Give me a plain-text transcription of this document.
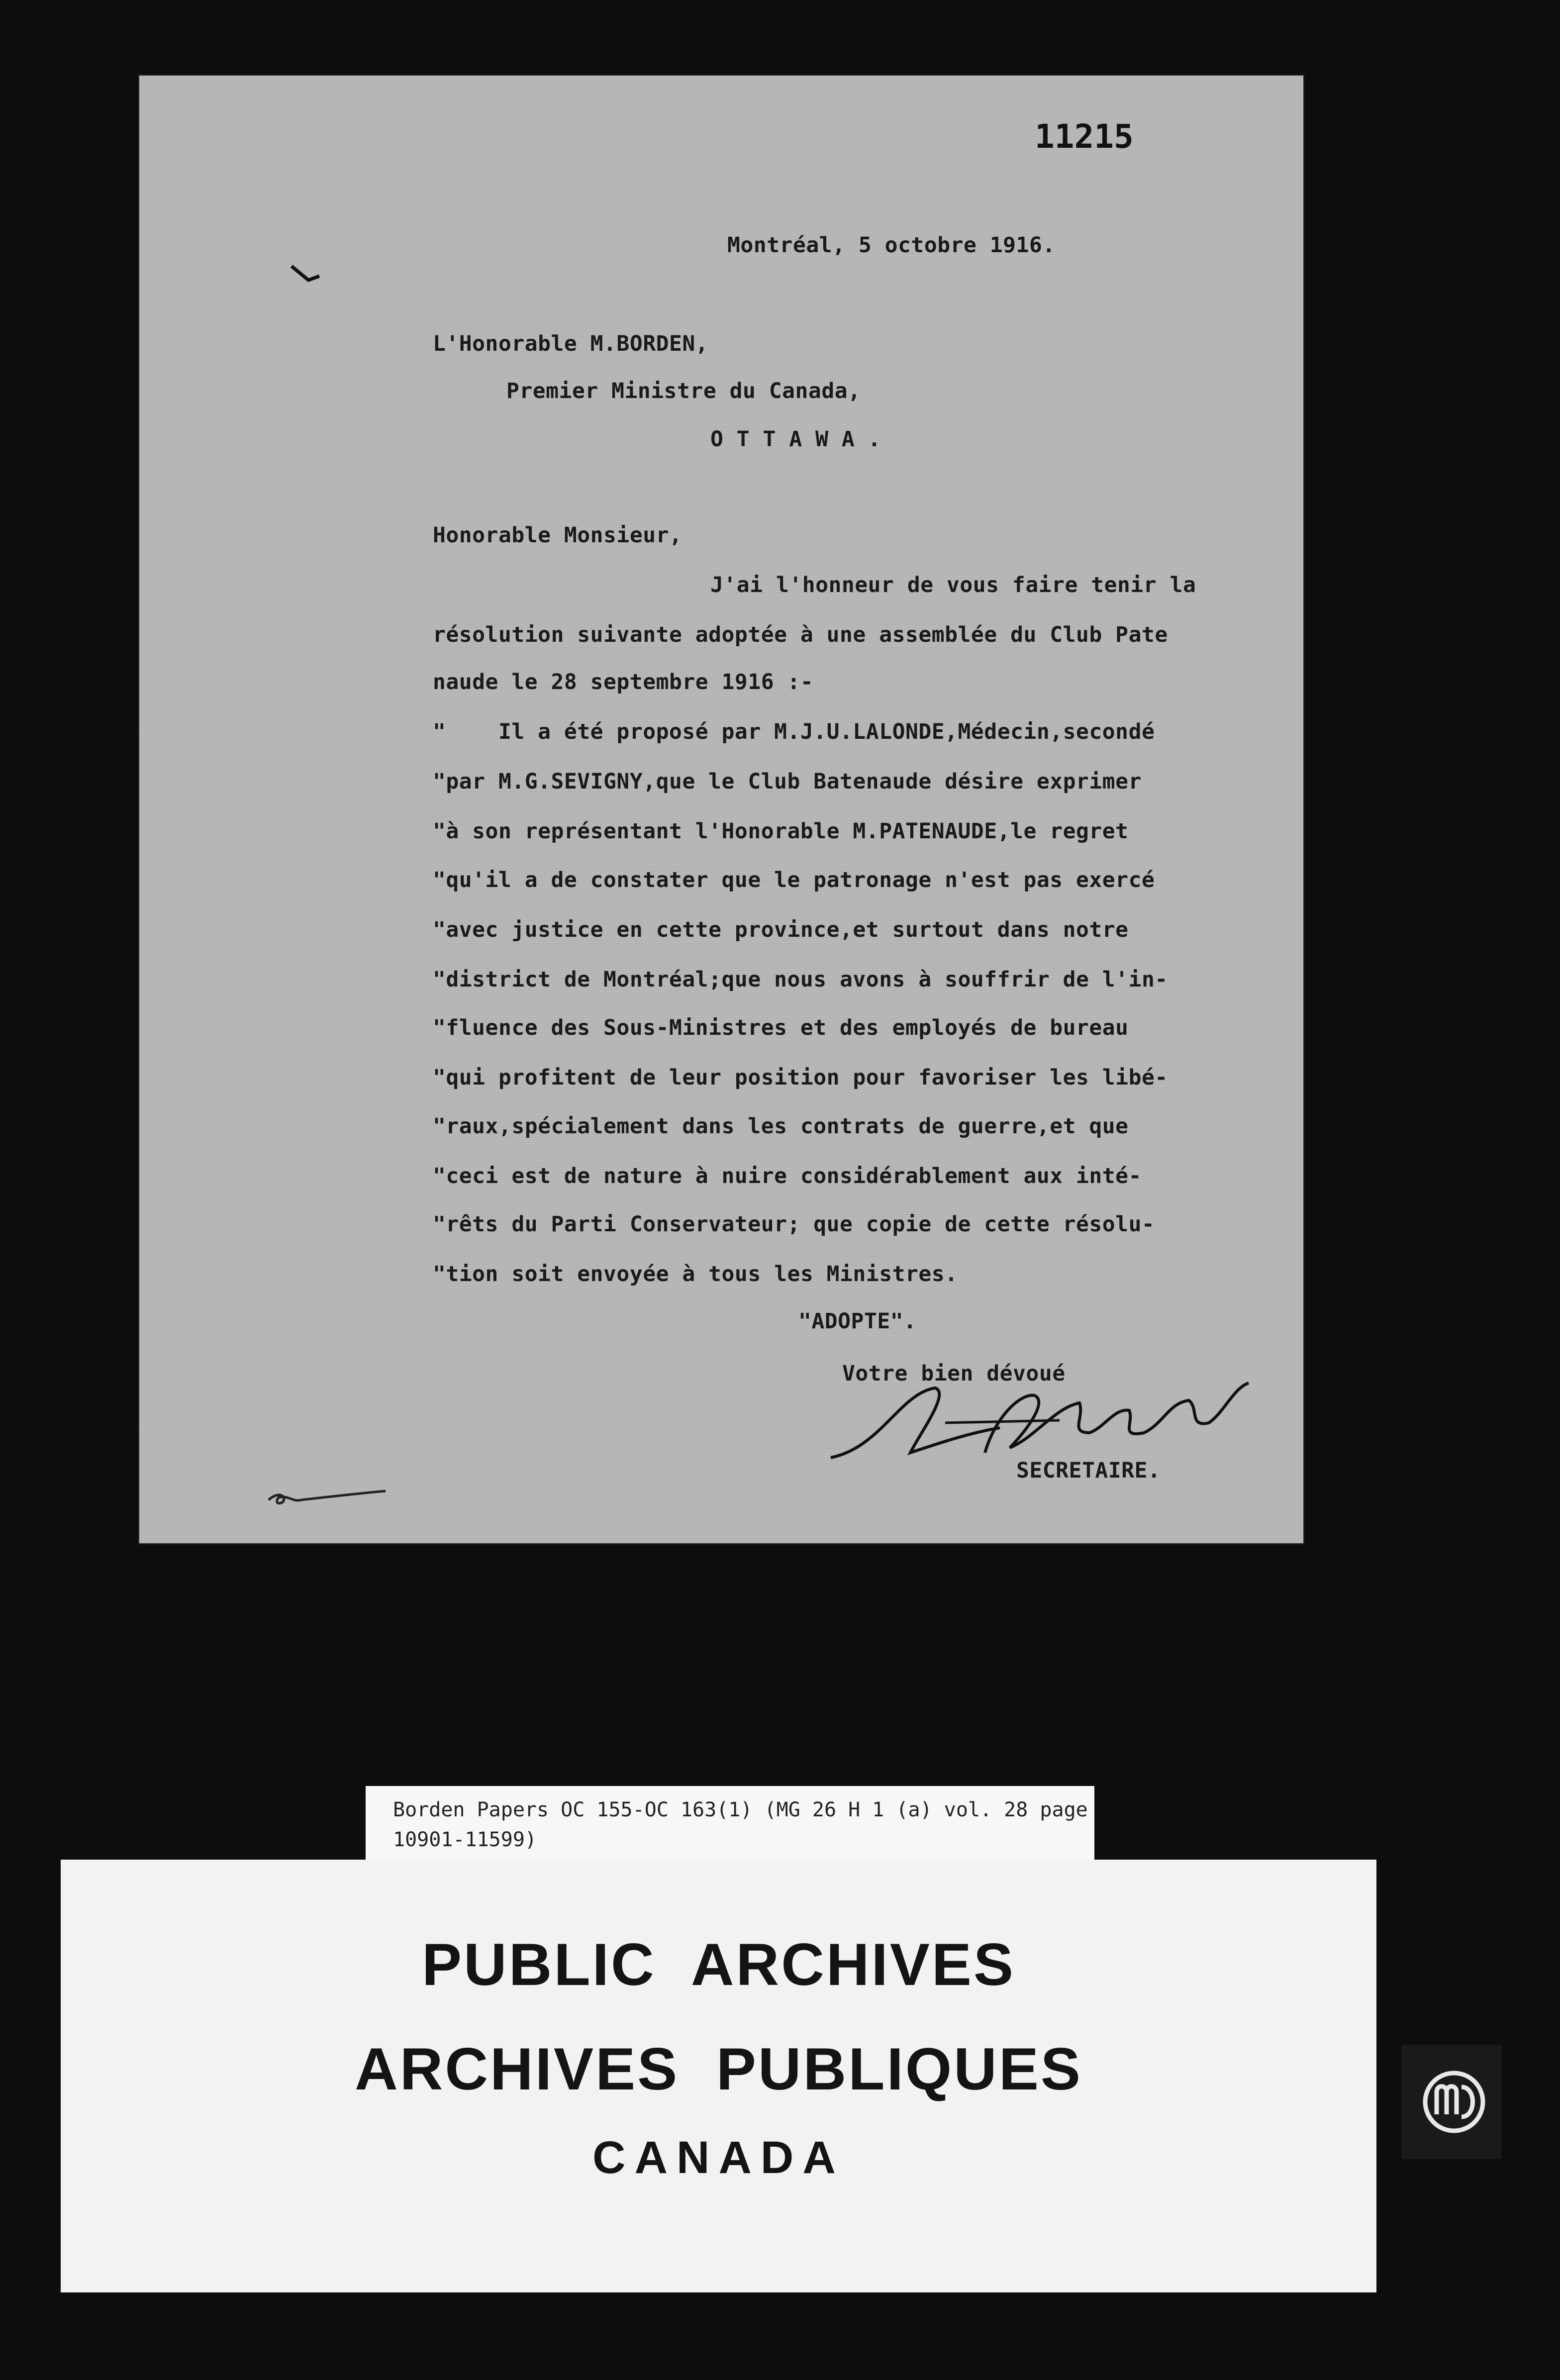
11215
Montréal, 5 octobre 1916.
L'Honorable M.BORDEN,
Premier Ministre du Canada,
O T T A W A .
Honorable Monsieur,
J'ai l'honneur de vous faire tenir la
résolution suivante adoptée à une assemblée du Club Pate
naude le 28 septembre 1916 :-
"    Il a été proposé par M.J.U.LALONDE,Médecin,secondé
"par M.G.SEVIGNY,que le Club Batenaude désire exprimer
"à son représentant l'Honorable M.PATENAUDE,le regret
"qu'il a de constater que le patronage n'est pas exercé
"avec justice en cette province,et surtout dans notre
"district de Montréal;que nous avons à souffrir de l'in-
"fluence des Sous-Ministres et des employés de bureau
"qui profitent de leur position pour favoriser les libé-
"raux,spécialement dans les contrats de guerre,et que
"ceci est de nature à nuire considérablement aux inté-
"rêts du Parti Conservateur; que copie de cette résolu-
"tion soit envoyée à tous les Ministres.
"ADOPTE".
Votre bien dévoué
SECRETAIRE.
Borden Papers OC 155-OC 163(1) (MG 26 H 1 (a) vol. 28 page
10901-11599)
PUBLIC  ARCHIVES
ARCHIVES  PUBLIQUES
CANADA
